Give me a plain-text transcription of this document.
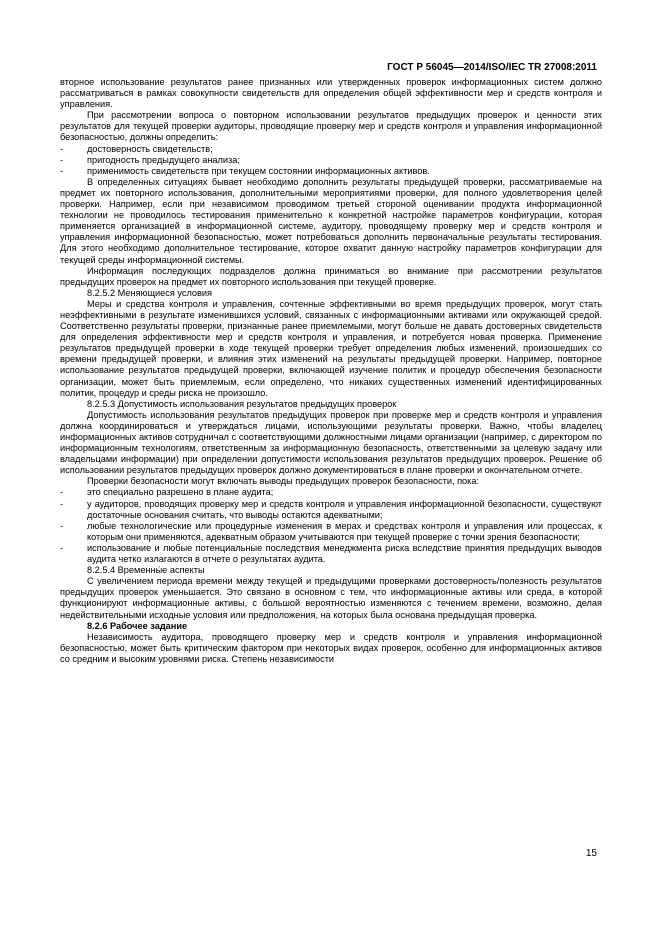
ГОСТ Р 56045—2014/ISO/IEC TR 27008:2011

вторное использование результатов ранее признанных или утвержденных проверок информационных систем должно рассматриваться в рамках совокупности свидетельств для определения общей эффективности мер и средств контроля и управления.

При рассмотрении вопроса о повторном использовании результатов предыдущих проверок и ценности этих результатов для текущей проверки аудиторы, проводящие проверку мер и средств контроля и управления информационной безопасностью, должны определить:

-	достоверность свидетельств;
-	пригодность предыдущего анализа;
-	применимость свидетельств при текущем состоянии информационных активов.

В определенных ситуациях бывает необходимо дополнить результаты предыдущей проверки, рассматриваемые на предмет их повторного использования, дополнительными мероприятиями проверки, для полного удовлетворения целей проверки. Например, если при независимом проводимом третьей стороной оценивании продукта информационной технологии не проводилось тестирования применительно к конкретной настройке параметров конфигурации, которая применяется организацией в информационной системе, аудитору, проводящему проверку мер и средств контроля и управления информационной безопасностью, может потребоваться дополнить первоначальные результаты тестирования. Для этого необходимо дополнительное тестирование, которое охватит данную настройку параметров конфигурации для текущей среды информационной системы.

Информация последующих подразделов должна приниматься во внимание при рассмотрении результатов предыдущих проверок на предмет их повторного использования при текущей проверке.

8.2.5.2 Меняющиеся условия

Меры и средства контроля и управления, сочтенные эффективными во время предыдущих проверок, могут стать неэффективными в результате изменившихся условий, связанных с информационными активами или окружающей средой. Соответственно результаты проверки, признанные ранее приемлемыми, могут больше не давать достоверных свидетельств для определения эффективности мер и средств контроля и управления, и потребуется новая проверка. Применение результатов предыдущей проверки в ходе текущей проверки требует определения любых изменений, произошедших со времени предыдущей проверки, и влияния этих изменений на результаты предыдущей проверки. Например, повторное использование результатов предыдущей проверки, включающей изучение политик и процедур обеспечения безопасности организации, может быть приемлемым, если определено, что никаких существенных изменений идентифицированных политик, процедур и среды риска не произошло.

8.2.5.3 Допустимость использования результатов предыдущих проверок

Допустимость использования результатов предыдущих проверок при проверке мер и средств контроля и управления должна координироваться и утверждаться лицами, использующими результаты проверки. Важно, чтобы владелец информационных активов сотрудничал с соответствующими должностными лицами организации (например, с директором по информационным технологиям, ответственным за информационную безопасность, ответственными за целевую задачу или владельцами информации) при определении допустимости использования результатов предыдущих проверок. Решение об использовании результатов предыдущих проверок должно документироваться в плане проверки и окончательном отчете.

Проверки безопасности могут включать выводы предыдущих проверок безопасности, пока:

-	это специально разрешено в плане аудита;
-	у аудиторов, проводящих проверку мер и средств контроля и управления информационной безопасности, существуют достаточные основания считать, что выводы остаются адекватными;
-	любые технологические или процедурные изменения в мерах и средствах контроля и управления или процессах, к которым они применяются, адекватным образом учитываются при текущей проверке с точки зрения безопасности;
-	использование и любые потенциальные последствия менеджмента риска вследствие принятия предыдущих выводов аудита четко излагаются в отчете о результатах аудита.

8.2.5.4 Временны́е аспекты

С увеличением периода времени между текущей и предыдущими проверками достоверность/полезность результатов предыдущих проверок уменьшается. Это связано в основном с тем, что информационные активы или среда, в которой функционируют информационные активы, с большой вероятностью изменяются с течением времени, возможно, делая недействительными исходные условия или предположения, на которых была основана предыдущая проверка.

8.2.6 Рабочее задание

Независимость аудитора, проводящего проверку мер и средств контроля и управления информационной безопасностью, может быть критическим фактором при некоторых видах проверок, особенно для информационных активов со средним и высоким уровнями риска. Степень независимости

15
